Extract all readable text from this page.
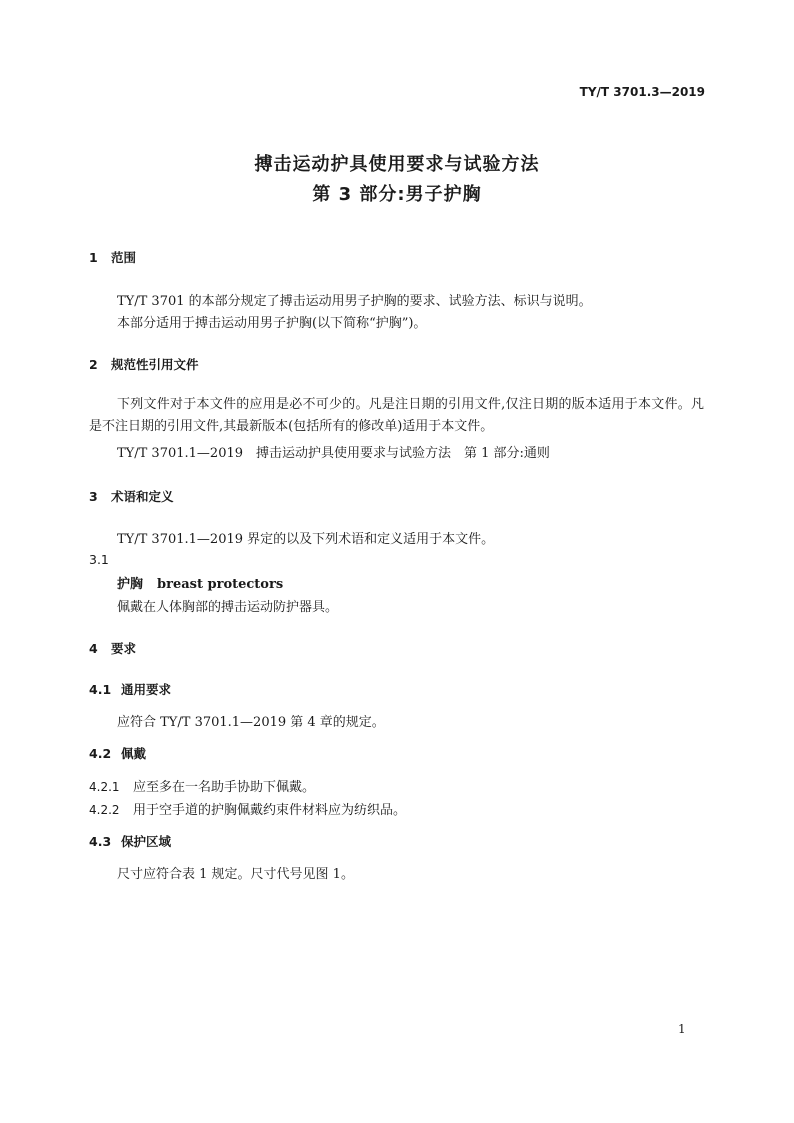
TY/T 3701.3—2019
搏击运动护具使用要求与试验方法
第 3 部分:男子护胸
1 范围
TY/T 3701 的本部分规定了搏击运动用男子护胸的要求、试验方法、标识与说明。
本部分适用于搏击运动用男子护胸(以下简称“护胸”)。
2 规范性引用文件
下列文件对于本文件的应用是必不可少的。凡是注日期的引用文件,仅注日期的版本适用于本文件。凡是不注日期的引用文件,其最新版本(包括所有的修改单)适用于本文件。
TY/T 3701.1—2019　搏击运动护具使用要求与试验方法　第 1 部分:通则
3 术语和定义
TY/T 3701.1—2019 界定的以及下列术语和定义适用于本文件。
3.1
护胸 breast protectors
佩戴在人体胸部的搏击运动防护器具。
4 要求
4.1 通用要求
应符合 TY/T 3701.1—2019 第 4 章的规定。
4.2 佩戴
4.2.1 应至多在一名助手协助下佩戴。
4.2.2 用于空手道的护胸佩戴约束件材料应为纺织品。
4.3 保护区域
尺寸应符合表 1 规定。尺寸代号见图 1。
1
